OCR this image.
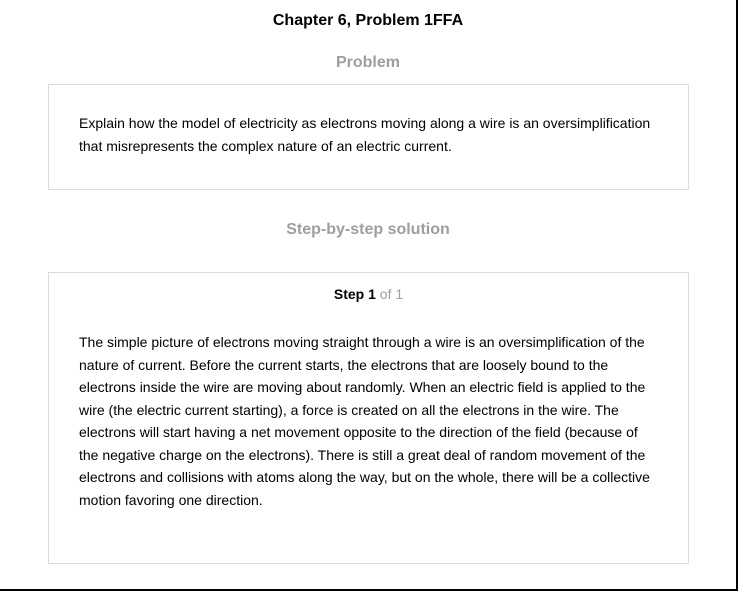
Chapter 6, Problem 1FFA
Problem
Explain how the model of electricity as electrons moving along a wire is an oversimplification that misrepresents the complex nature of an electric current.
Step-by-step solution
Step 1 of 1
The simple picture of electrons moving straight through a wire is an oversimplification of the nature of current. Before the current starts, the electrons that are loosely bound to the electrons inside the wire are moving about randomly. When an electric field is applied to the wire (the electric current starting), a force is created on all the electrons in the wire. The electrons will start having a net movement opposite to the direction of the field (because of the negative charge on the electrons). There is still a great deal of random movement of the electrons and collisions with atoms along the way, but on the whole, there will be a collective motion favoring one direction.
